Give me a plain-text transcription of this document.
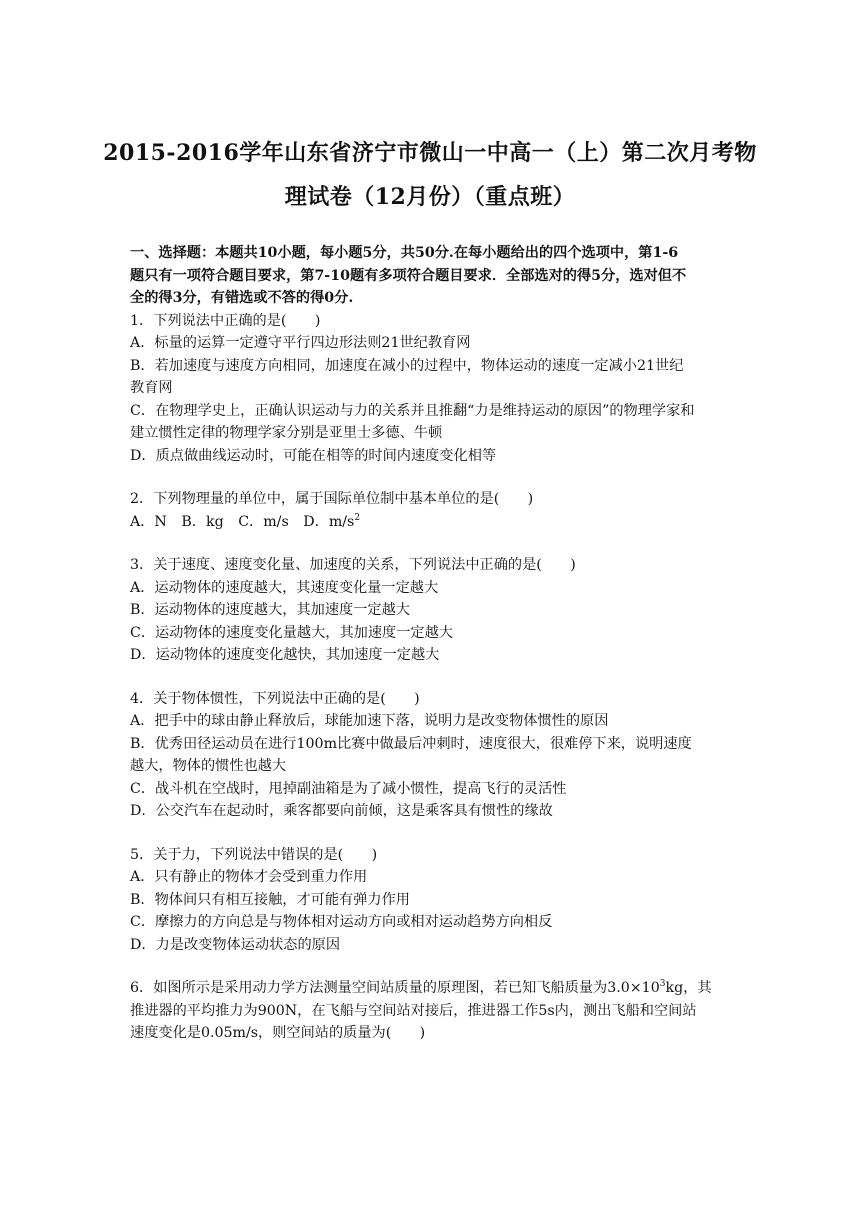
2015-2016学年山东省济宁市微山一中高一（上）第二次月考物
理试卷（12月份）（重点班）

一、选择题：本题共10小题，每小题5分，共50分.在每小题给出的四个选项中，第1-6

题只有一项符合题目要求，第7-10题有多项符合题目要求．全部选对的得5分，选对但不

全的得3分，有错选或不答的得0分.

1．下列说法中正确的是(　　)

A．标量的运算一定遵守平行四边形法则21世纪教育网

B．若加速度与速度方向相同，加速度在减小的过程中，物体运动的速度一定减小21世纪

教育网

C．在物理学史上，正确认识运动与力的关系并且推翻“力是维持运动的原因”的物理学家和

建立惯性定律的物理学家分别是亚里士多德、牛顿

D．质点做曲线运动时，可能在相等的时间内速度变化相等

2．下列物理量的单位中，属于国际单位制中基本单位的是(　　)

A．N B．kg C．m/s D．$m/s^2$

3．关于速度、速度变化量、加速度的关系，下列说法中正确的是(　　)

A．运动物体的速度越大，其速度变化量一定越大

B．运动物体的速度越大，其加速度一定越大

C．运动物体的速度变化量越大，其加速度一定越大

D．运动物体的速度变化越快，其加速度一定越大

4．关于物体惯性，下列说法中正确的是(　　)

A．把手中的球由静止释放后，球能加速下落，说明力是改变物体惯性的原因

B．优秀田径运动员在进行100m比赛中做最后冲刺时，速度很大，很难停下来，说明速度

越大，物体的惯性也越大

C．战斗机在空战时，甩掉副油箱是为了减小惯性，提高飞行的灵活性

D．公交汽车在起动时，乘客都要向前倾，这是乘客具有惯性的缘故

5．关于力，下列说法中错误的是(　　)

A．只有静止的物体才会受到重力作用

B．物体间只有相互接触，才可能有弹力作用

C．摩擦力的方向总是与物体相对运动方向或相对运动趋势方向相反

D．力是改变物体运动状态的原因

6．如图所示是采用动力学方法测量空间站质量的原理图，若已知飞船质量为$3.0\times 10^3kg$，其

推进器的平均推力为900N，在飞船与空间站对接后，推进器工作5s内，测出飞船和空间站

速度变化是0.05m/s，则空间站的质量为(　　)
